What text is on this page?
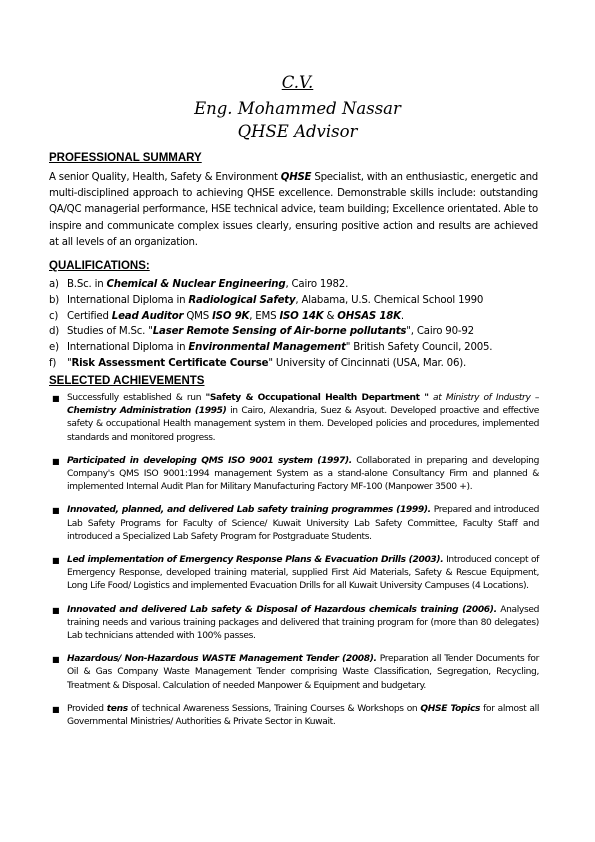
C.V.
Eng. Mohammed Nassar
QHSE Advisor
PROFESSIONAL SUMMARY
A senior Quality, Health, Safety & Environment QHSE Specialist, with an enthusiastic, energetic and multi-disciplined approach to achieving QHSE excellence. Demonstrable skills include: outstanding QA/QC managerial performance, HSE technical advice, team building; Excellence orientated. Able to inspire and communicate complex issues clearly, ensuring positive action and results are achieved at all levels of an organization.
QUALIFICATIONS:
a) B.Sc. in Chemical & Nuclear Engineering, Cairo 1982.
b) International Diploma in Radiological Safety, Alabama, U.S. Chemical School 1990
c) Certified Lead Auditor QMS ISO 9K, EMS ISO 14K & OHSAS 18K.
d) Studies of M.Sc. "Laser Remote Sensing of Air-borne pollutants", Cairo 90-92
e) International Diploma in Environmental Management" British Safety Council, 2005.
f)	"Risk Assessment Certificate Course" University of Cincinnati (USA, Mar. 06).
SELECTED ACHIEVEMENTS
■ Successfully established & run "Safety & Occupational Health Department " at Ministry of Industry – Chemistry Administration (1995) in Cairo, Alexandria, Suez & Asyout. Developed proactive and effective safety & occupational Health management system in them. Developed policies and procedures, implemented standards and monitored progress.
■ Participated in developing QMS ISO 9001 system (1997). Collaborated in preparing and developing Company's QMS ISO 9001:1994 management System as a stand-alone Consultancy Firm and planned & implemented Internal Audit Plan for Military Manufacturing Factory MF-100 (Manpower 3500 +).
■ Innovated, planned, and delivered Lab safety training programmes (1999). Prepared and introduced Lab Safety Programs for Faculty of Science/ Kuwait University Lab Safety Committee, Faculty Staff and introduced a Specialized Lab Safety Program for Postgraduate Students.
■ Led implementation of Emergency Response Plans & Evacuation Drills (2003). Introduced concept of Emergency Response, developed training material, supplied First Aid Materials, Safety & Rescue Equipment, Long Life Food/ Logistics and implemented Evacuation Drills for all Kuwait University Campuses (4 Locations).
■ Innovated and delivered Lab safety & Disposal of Hazardous chemicals training (2006). Analysed training needs and various training packages and delivered that training program for (more than 80 delegates) Lab technicians attended with 100% passes.
■ Hazardous/ Non-Hazardous WASTE Management Tender (2008). Preparation all Tender Documents for Oil & Gas Company Waste Management Tender comprising Waste Classification, Segregation, Recycling, Treatment & Disposal. Calculation of needed Manpower & Equipment and budgetary.
■ Provided tens of technical Awareness Sessions, Training Courses & Workshops on QHSE Topics for almost all Governmental Ministries/ Authorities & Private Sector in Kuwait.
